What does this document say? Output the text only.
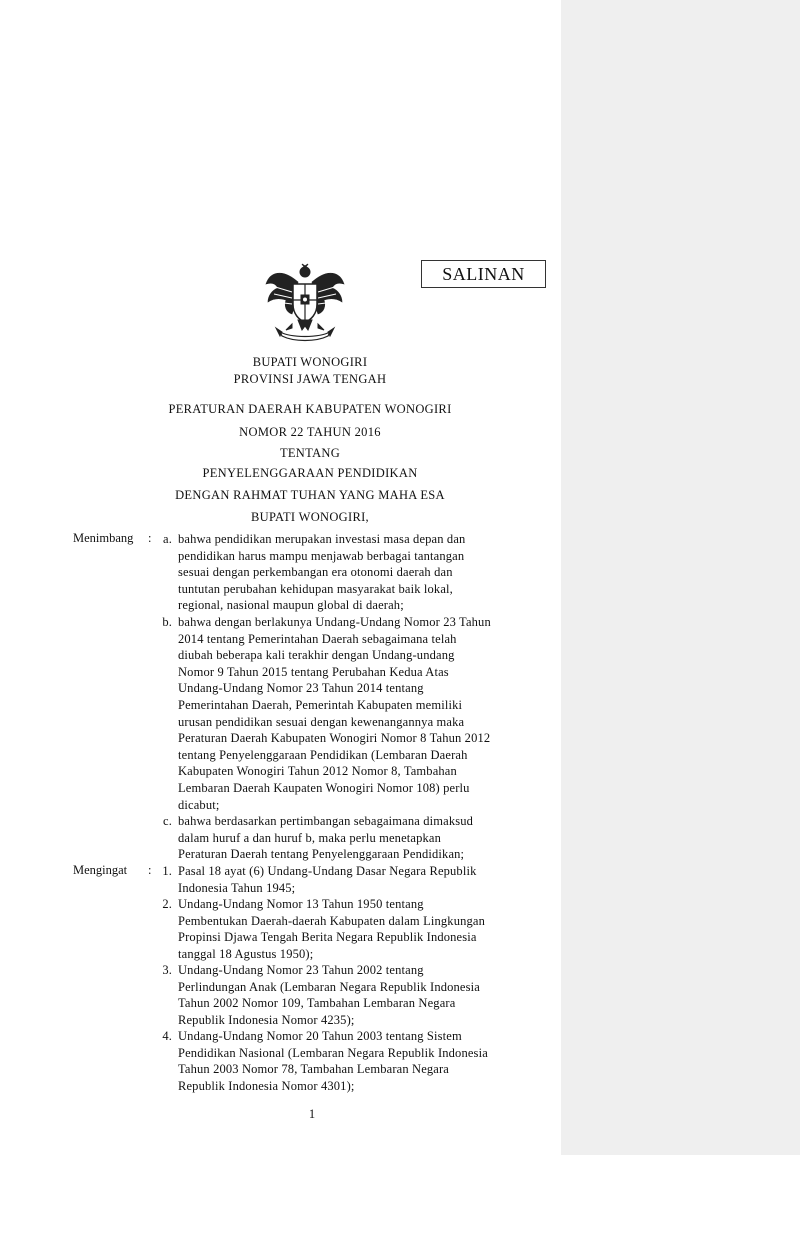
SALINAN
BUPATI WONOGIRI
PROVINSI JAWA TENGAH
PERATURAN DAERAH KABUPATEN WONOGIRI
NOMOR 22 TAHUN 2016
TENTANG
PENYELENGGARAAN PENDIDIKAN
DENGAN RAHMAT TUHAN YANG MAHA ESA
BUPATI WONOGIRI,
Menimbang : a. bahwa pendidikan merupakan investasi masa depan dan
pendidikan harus mampu menjawab berbagai tantangan
sesuai dengan perkembangan era otonomi daerah dan
tuntutan perubahan kehidupan masyarakat baik lokal,
regional, nasional maupun global di daerah;
b. bahwa dengan berlakunya Undang-Undang Nomor 23 Tahun
2014 tentang Pemerintahan Daerah sebagaimana telah
diubah beberapa kali terakhir dengan Undang-undang
Nomor 9 Tahun 2015 tentang Perubahan Kedua Atas
Undang-Undang Nomor 23 Tahun 2014 tentang
Pemerintahan Daerah, Pemerintah Kabupaten memiliki
urusan pendidikan sesuai dengan kewenangannya maka
Peraturan Daerah Kabupaten Wonogiri Nomor 8 Tahun 2012
tentang Penyelenggaraan Pendidikan (Lembaran Daerah
Kabupaten Wonogiri Tahun 2012 Nomor 8, Tambahan
Lembaran Daerah Kaupaten Wonogiri Nomor 108) perlu
dicabut;
c. bahwa berdasarkan pertimbangan sebagaimana dimaksud
dalam huruf a dan huruf b, maka perlu menetapkan
Peraturan Daerah tentang Penyelenggaraan Pendidikan;
Mengingat : 1. Pasal 18 ayat (6) Undang-Undang Dasar Negara Republik
Indonesia Tahun 1945;
2. Undang-Undang Nomor 13 Tahun 1950 tentang
Pembentukan Daerah-daerah Kabupaten dalam Lingkungan
Propinsi Djawa Tengah Berita Negara Republik Indonesia
tanggal 18 Agustus 1950);
3. Undang-Undang Nomor 23 Tahun 2002 tentang
Perlindungan Anak (Lembaran Negara Republik Indonesia
Tahun 2002 Nomor 109, Tambahan Lembaran Negara
Republik Indonesia Nomor 4235);
4. Undang-Undang Nomor 20 Tahun 2003 tentang Sistem
Pendidikan Nasional (Lembaran Negara Republik Indonesia
Tahun 2003 Nomor 78, Tambahan Lembaran Negara
Republik Indonesia Nomor 4301);
1
